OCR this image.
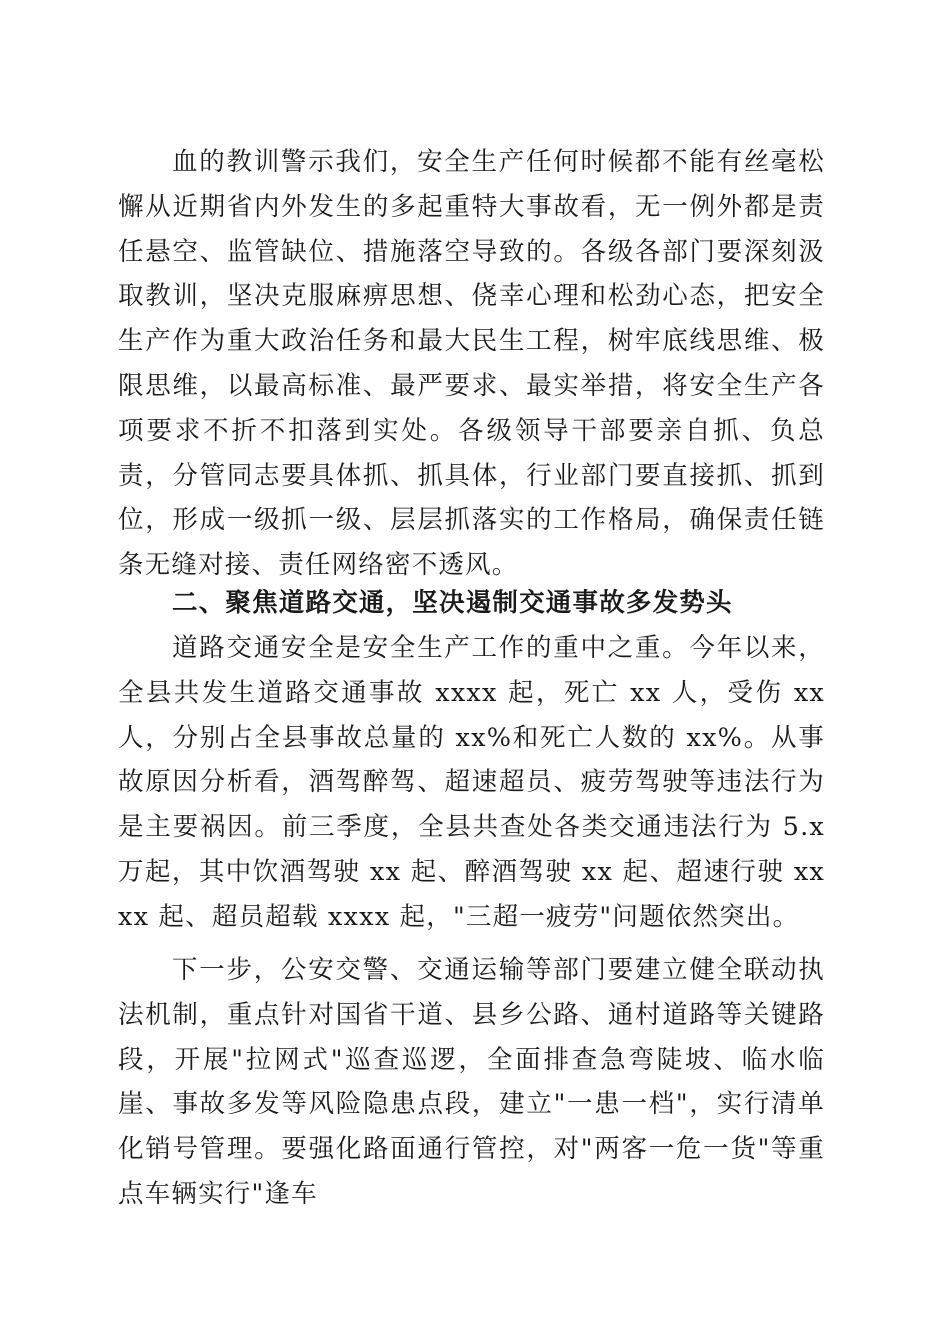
血的教训警示我们，安全生产任何时候都不能有丝毫松懈从近期省内外发生的多起重特大事故看，无一例外都是责任悬空、监管缺位、措施落空导致的。各级各部门要深刻汲取教训，坚决克服麻痹思想、侥幸心理和松劲心态，把安全生产作为重大政治任务和最大民生工程，树牢底线思维、极限思维，以最高标准、最严要求、最实举措，将安全生产各项要求不折不扣落到实处。各级领导干部要亲自抓、负总责，分管同志要具体抓、抓具体，行业部门要直接抓、抓到位，形成一级抓一级、层层抓落实的工作格局，确保责任链条无缝对接、责任网络密不透风。

二、聚焦道路交通，坚决遏制交通事故多发势头

道路交通安全是安全生产工作的重中之重。今年以来，全县共发生道路交通事故 xxxx 起，死亡 xx 人，受伤 xx 人，分别占全县事故总量的 xx%和死亡人数的 xx%。从事故原因分析看，酒驾醉驾、超速超员、疲劳驾驶等违法行为是主要祸因。前三季度，全县共查处各类交通违法行为 5.x 万起，其中饮酒驾驶 xx 起、醉酒驾驶 xx 起、超速行驶 xxxx 起、超员超载 xxxx 起，"三超一疲劳"问题依然突出。

下一步，公安交警、交通运输等部门要建立健全联动执法机制，重点针对国省干道、县乡公路、通村道路等关键路段，开展"拉网式"巡查巡逻，全面排查急弯陡坡、临水临崖、事故多发等风险隐患点段，建立"一患一档"，实行清单化销号管理。要强化路面通行管控，对"两客一危一货"等重点车辆实行"逢车
